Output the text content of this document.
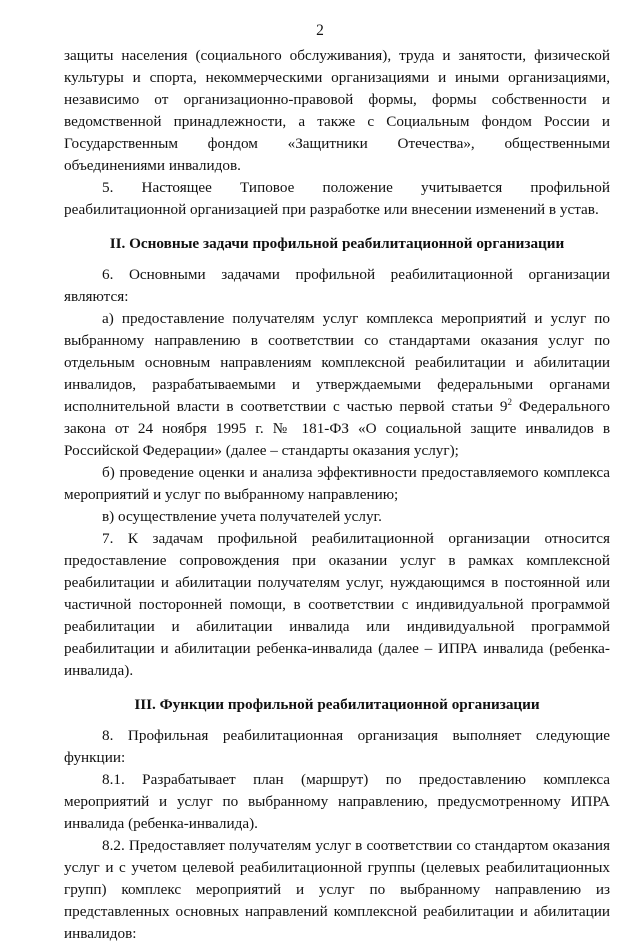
2

защиты населения (социального обслуживания), труда и занятости, физической культуры и спорта, некоммерческими организациями и иными организациями, независимо от организационно-правовой формы, формы собственности и ведомственной принадлежности, а также с Социальным фондом России и Государственным фондом «Защитники Отечества», общественными объединениями инвалидов.

5. Настоящее Типовое положение учитывается профильной реабилитационной организацией при разработке или внесении изменений в устав.

II. Основные задачи профильной реабилитационной организации

6. Основными задачами профильной реабилитационной организации являются:

а) предоставление получателям услуг комплекса мероприятий и услуг по выбранному направлению в соответствии со стандартами оказания услуг по отдельным основным направлениям комплексной реабилитации и абилитации инвалидов, разрабатываемыми и утверждаемыми федеральными органами исполнительной власти в соответствии с частью первой статьи $9^2$ Федерального закона от 24 ноября 1995 г. № 181-ФЗ «О социальной защите инвалидов в Российской Федерации» (далее – стандарты оказания услуг);

б) проведение оценки и анализа эффективности предоставляемого комплекса мероприятий и услуг по выбранному направлению;

в) осуществление учета получателей услуг.

7. К задачам профильной реабилитационной организации относится предоставление сопровождения при оказании услуг в рамках комплексной реабилитации и абилитации получателям услуг, нуждающимся в постоянной или частичной посторонней помощи, в соответствии с индивидуальной программой реабилитации и абилитации инвалида или индивидуальной программой реабилитации и абилитации ребенка-инвалида (далее – ИПРА инвалида (ребенка-инвалида).

III. Функции профильной реабилитационной организации

8. Профильная реабилитационная организация выполняет следующие функции:

8.1. Разрабатывает план (маршрут) по предоставлению комплекса мероприятий и услуг по выбранному направлению, предусмотренному ИПРА инвалида (ребенка-инвалида).

8.2. Предоставляет получателям услуг в соответствии со стандартом оказания услуг и с учетом целевой реабилитационной группы (целевых реабилитационных групп) комплекс мероприятий и услуг по выбранному направлению из представленных основных направлений комплексной реабилитации и абилитации инвалидов:
